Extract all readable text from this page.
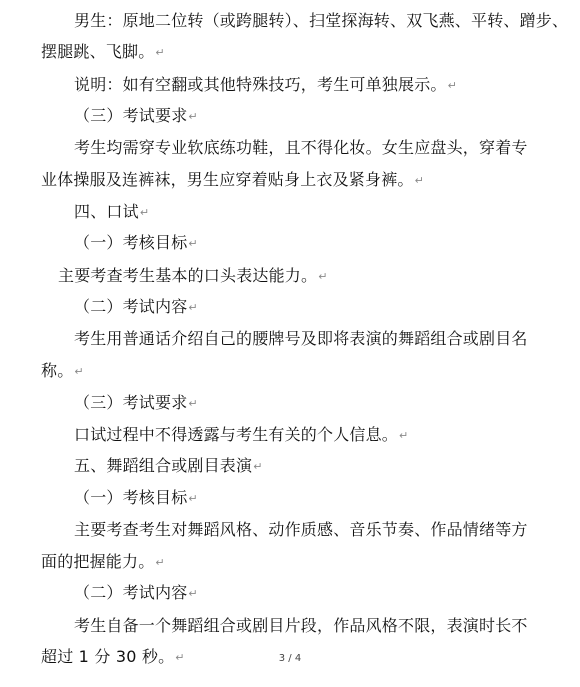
男生：原地二位转（或跨腿转）、扫堂探海转、双飞燕、平转、蹭步、
摆腿跳、飞脚。↵
说明：如有空翻或其他特殊技巧，考生可单独展示。↵
（三）考试要求↵
考生均需穿专业软底练功鞋，且不得化妆。女生应盘头，穿着专
业体操服及连裤袜，男生应穿着贴身上衣及紧身裤。↵
四、口试↵
（一）考核目标↵
主要考查考生基本的口头表达能力。↵
（二）考试内容↵
考生用普通话介绍自己的腰牌号及即将表演的舞蹈组合或剧目名
称。↵
（三）考试要求↵
口试过程中不得透露与考生有关的个人信息。↵
五、舞蹈组合或剧目表演↵
（一）考核目标↵
主要考查考生对舞蹈风格、动作质感、音乐节奏、作品情绪等方
面的把握能力。↵
（二）考试内容↵
考生自备一个舞蹈组合或剧目片段，作品风格不限，表演时长不
超过 1 分 30 秒。↵	3 / 4
